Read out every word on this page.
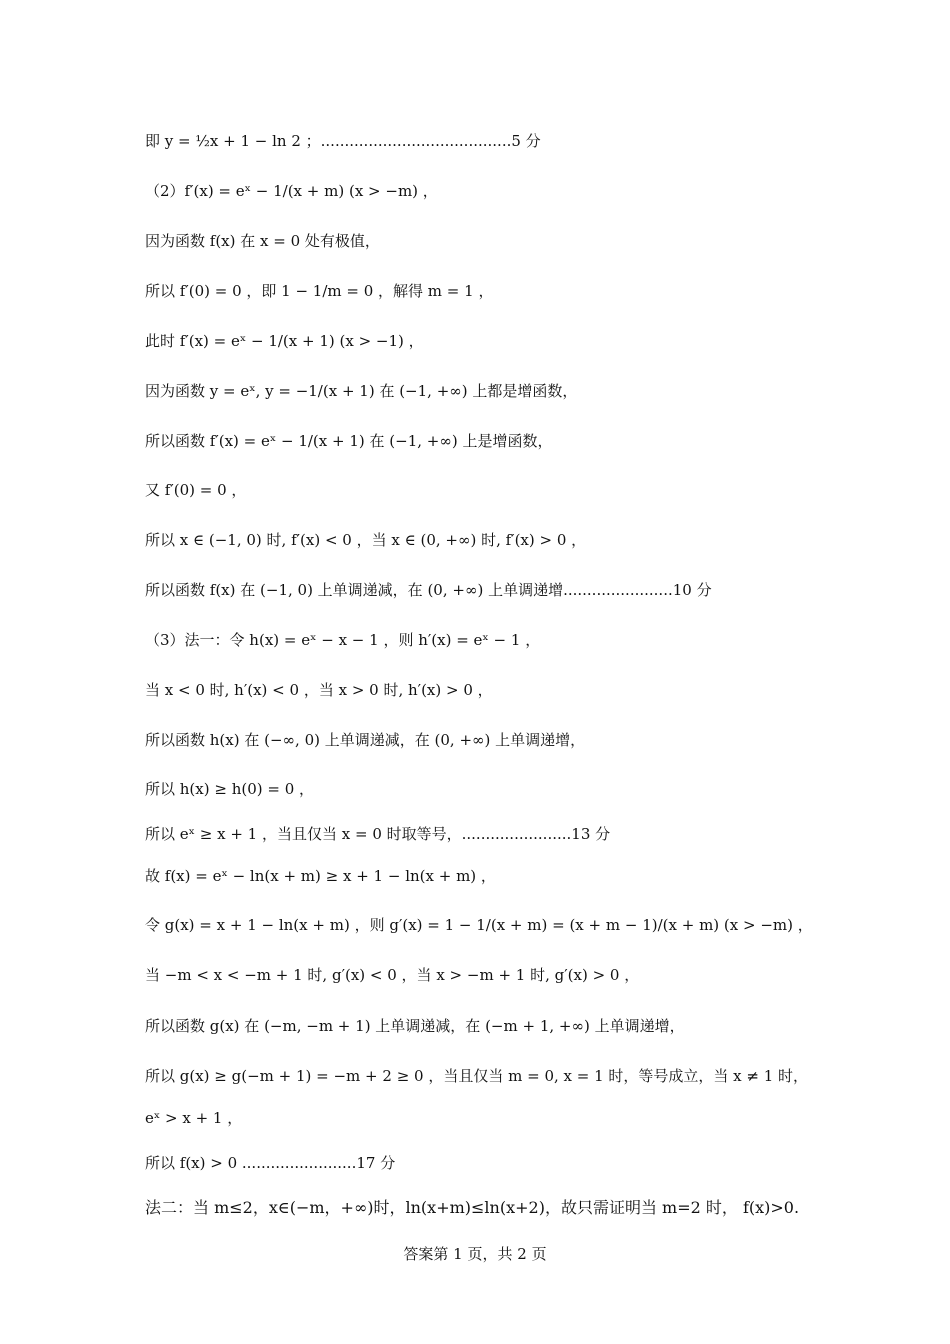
即 y = ½x + 1 − ln 2 ；........................................5 分
（2）f′(x) = eˣ − 1/(x + m) (x > −m) ，
因为函数 f(x) 在 x = 0 处有极值，
所以 f′(0) = 0 ，即 1 − 1/m = 0 ，解得 m = 1 ，
此时 f′(x) = eˣ − 1/(x + 1) (x > −1) ，
因为函数 y = eˣ, y = −1/(x + 1) 在 (−1, +∞) 上都是增函数，
所以函数 f′(x) = eˣ − 1/(x + 1) 在 (−1, +∞) 上是增函数，
又 f′(0) = 0 ，
所以 x ∈ (−1, 0) 时, f′(x) < 0 ，当 x ∈ (0, +∞) 时, f′(x) > 0 ，
所以函数 f(x) 在 (−1, 0) 上单调递减，在 (0, +∞) 上单调递增.......................10 分
（3）法一：令 h(x) = eˣ − x − 1 ，则 h′(x) = eˣ − 1 ，
当 x < 0 时, h′(x) < 0 ，当 x > 0 时, h′(x) > 0 ，
所以函数 h(x) 在 (−∞, 0) 上单调递减，在 (0, +∞) 上单调递增，
所以 h(x) ≥ h(0) = 0 ，
所以 eˣ ≥ x + 1 ，当且仅当 x = 0 时取等号，.......................13 分
故 f(x) = eˣ − ln(x + m) ≥ x + 1 − ln(x + m) ，
令 g(x) = x + 1 − ln(x + m) ，则 g′(x) = 1 − 1/(x + m) = (x + m − 1)/(x + m) (x > −m) ，
当 −m < x < −m + 1 时, g′(x) < 0 ，当 x > −m + 1 时, g′(x) > 0 ，
所以函数 g(x) 在 (−m, −m + 1) 上单调递减，在 (−m + 1, +∞) 上单调递增，
所以 g(x) ≥ g(−m + 1) = −m + 2 ≥ 0 ，当且仅当 m = 0, x = 1 时，等号成立，当 x ≠ 1 时，
eˣ > x + 1 ，
所以 f(x) > 0 ........................17 分
法二：当 m≤2，x∈(−m，+∞)时，ln(x+m)≤ln(x+2)，故只需证明当 m=2 时， f(x)>0.
答案第 1 页，共 2 页
